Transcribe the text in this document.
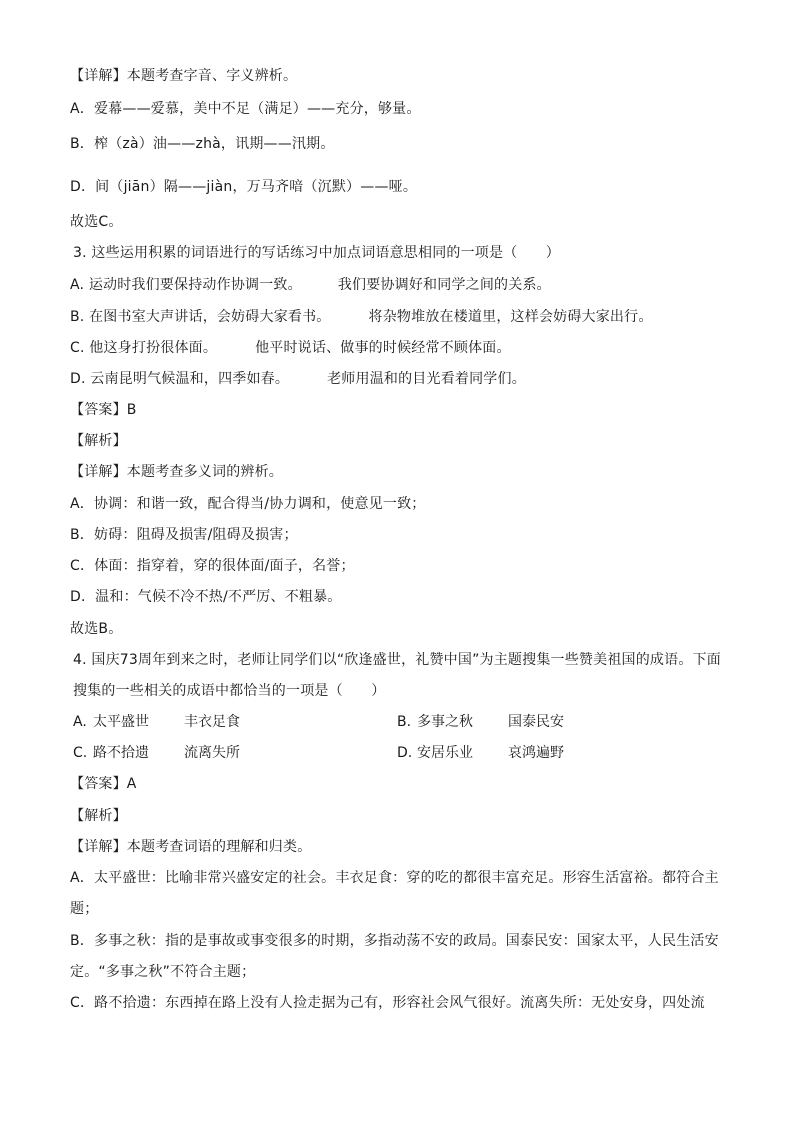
【详解】本题考查字音、字义辨析。
A．爱幕——爱慕，美中不足（满足）——充分，够量。
B．榨（zà）油——zhà，讯期——汛期。
D．间（jiān）隔——jiàn，万马齐喑（沉默）——哑。
故选C。
3. 这些运用积累的词语进行的写话练习中加点词语意思相同的一项是（　　）
A. 运动时我们要保持动作协调一致。	我们要协调好和同学之间的关系。
B. 在图书室大声讲话，会妨碍大家看书。	将杂物堆放在楼道里，这样会妨碍大家出行。
C. 他这身打扮很体面。	他平时说话、做事的时候经常不顾体面。
D. 云南昆明气候温和，四季如春。	老师用温和的目光看着同学们。
【答案】B
【解析】
【详解】本题考查多义词的辨析。
A．协调：和谐一致，配合得当/协力调和，使意见一致；
B．妨碍：阻碍及损害/阻碍及损害；
C．体面：指穿着，穿的很体面/面子，名誉；
D．温和：气候不冷不热/不严厉、不粗暴。
故选B。
4. 国庆73周年到来之时，老师让同学们以“欣逢盛世，礼赞中国”为主题搜集一些赞美祖国的成语。下面
搜集的一些相关的成语中都恰当的一项是（　　）
A. 太平盛世	丰衣足食	B. 多事之秋	国泰民安
C. 路不拾遗	流离失所	D. 安居乐业	哀鸿遍野
【答案】A
【解析】
【详解】本题考查词语的理解和归类。
A．太平盛世：比喻非常兴盛安定的社会。丰衣足食：穿的吃的都很丰富充足。形容生活富裕。都符合主
题；
B．多事之秋：指的是事故或事变很多的时期，多指动荡不安的政局。国泰民安：国家太平，人民生活安
定。“多事之秋”不符合主题；
C．路不拾遗：东西掉在路上没有人捡走据为己有，形容社会风气很好。流离失所：无处安身，四处流
